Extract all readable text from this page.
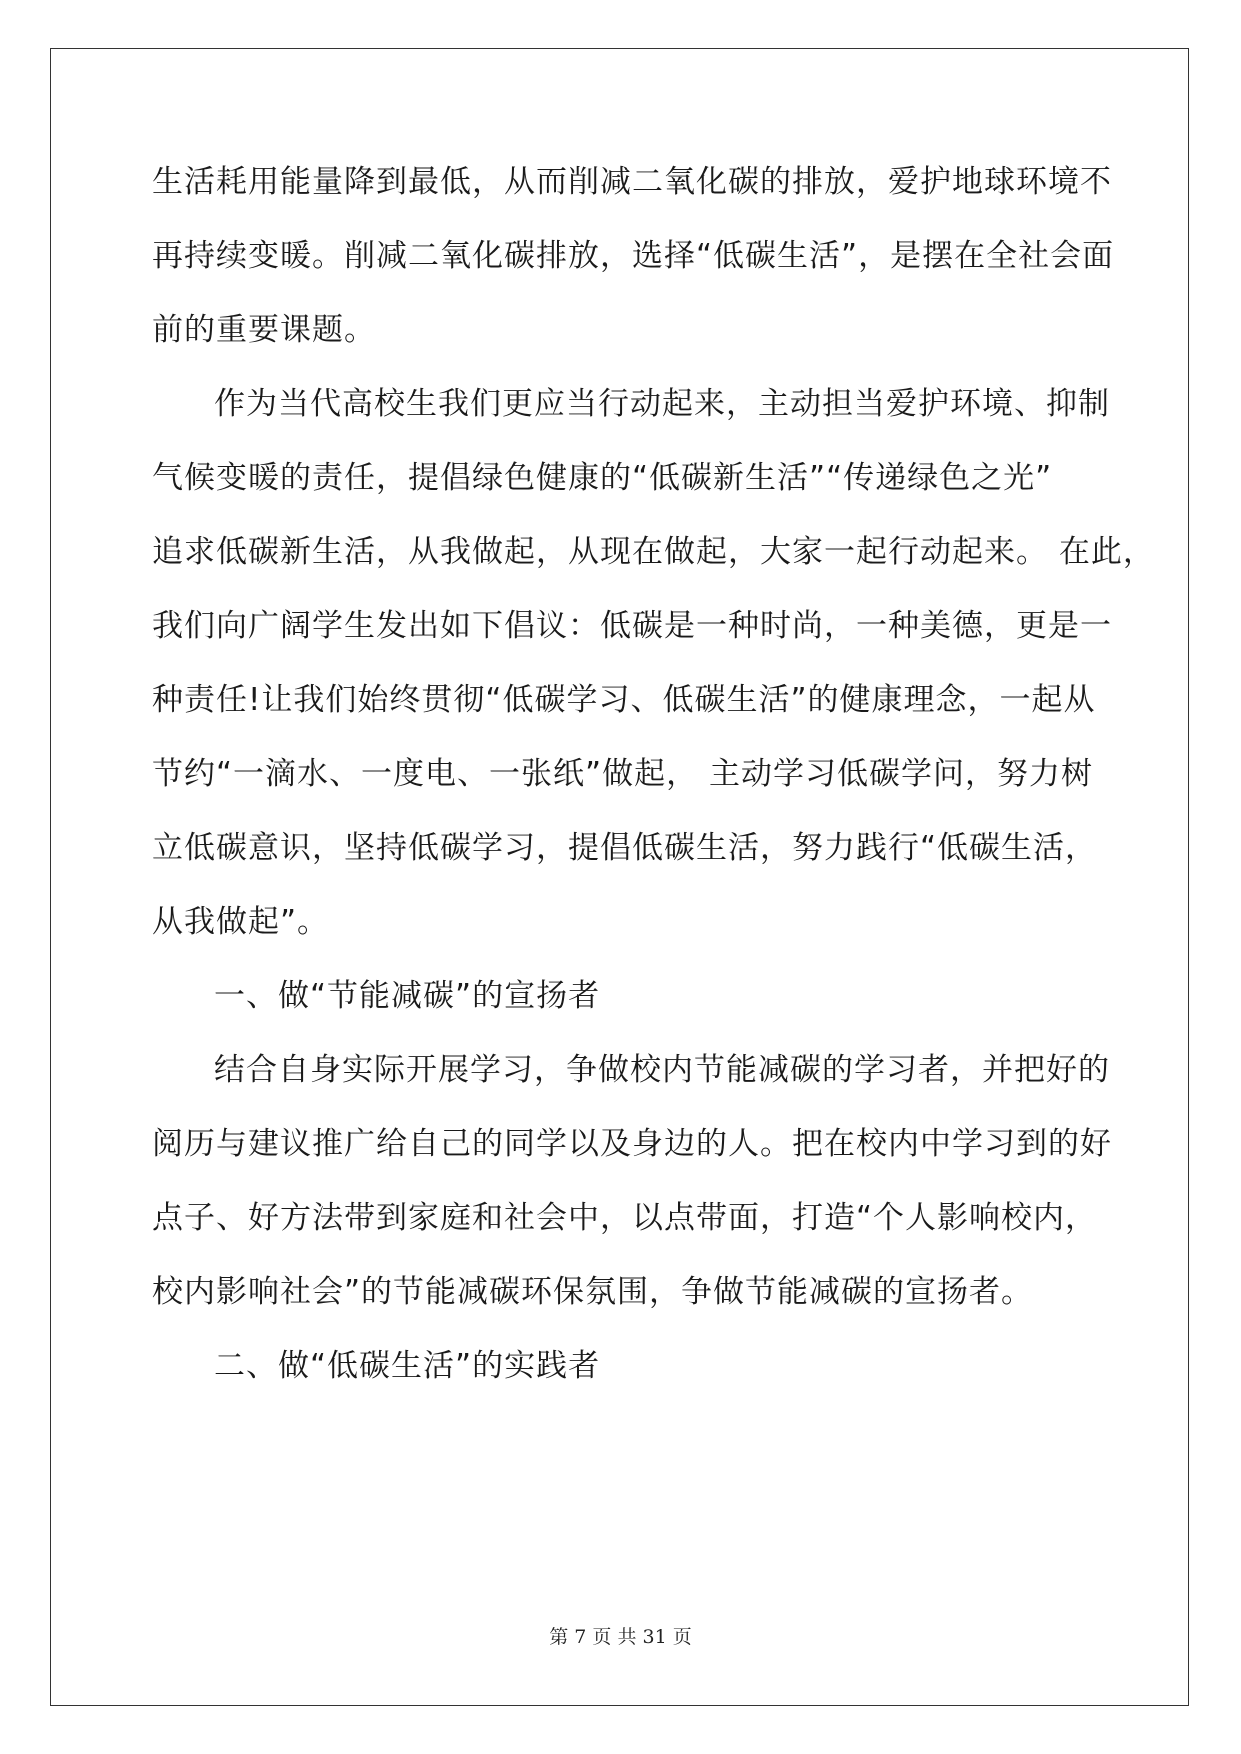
生活耗用能量降到最低，从而削减二氧化碳的排放，爱护地球环境不
再持续变暖。削减二氧化碳排放，选择“低碳生活”，是摆在全社会面
前的重要课题。
作为当代高校生我们更应当行动起来，主动担当爱护环境、抑制
气候变暖的责任，提倡绿色健康的“低碳新生活”“传递绿色之光”
追求低碳新生活，从我做起，从现在做起，大家一起行动起来。 在此，
我们向广阔学生发出如下倡议：低碳是一种时尚，一种美德，更是一
种责任!让我们始终贯彻“低碳学习、低碳生活”的健康理念，一起从
节约“一滴水、一度电、一张纸”做起， 主动学习低碳学问，努力树
立低碳意识，坚持低碳学习，提倡低碳生活，努力践行“低碳生活，
从我做起”。
一、做“节能减碳”的宣扬者
结合自身实际开展学习，争做校内节能减碳的学习者，并把好的
阅历与建议推广给自己的同学以及身边的人。把在校内中学习到的好
点子、好方法带到家庭和社会中，以点带面，打造“个人影响校内，
校内影响社会”的节能减碳环保氛围，争做节能减碳的宣扬者。
二、做“低碳生活”的实践者
第 7 页 共 31 页
